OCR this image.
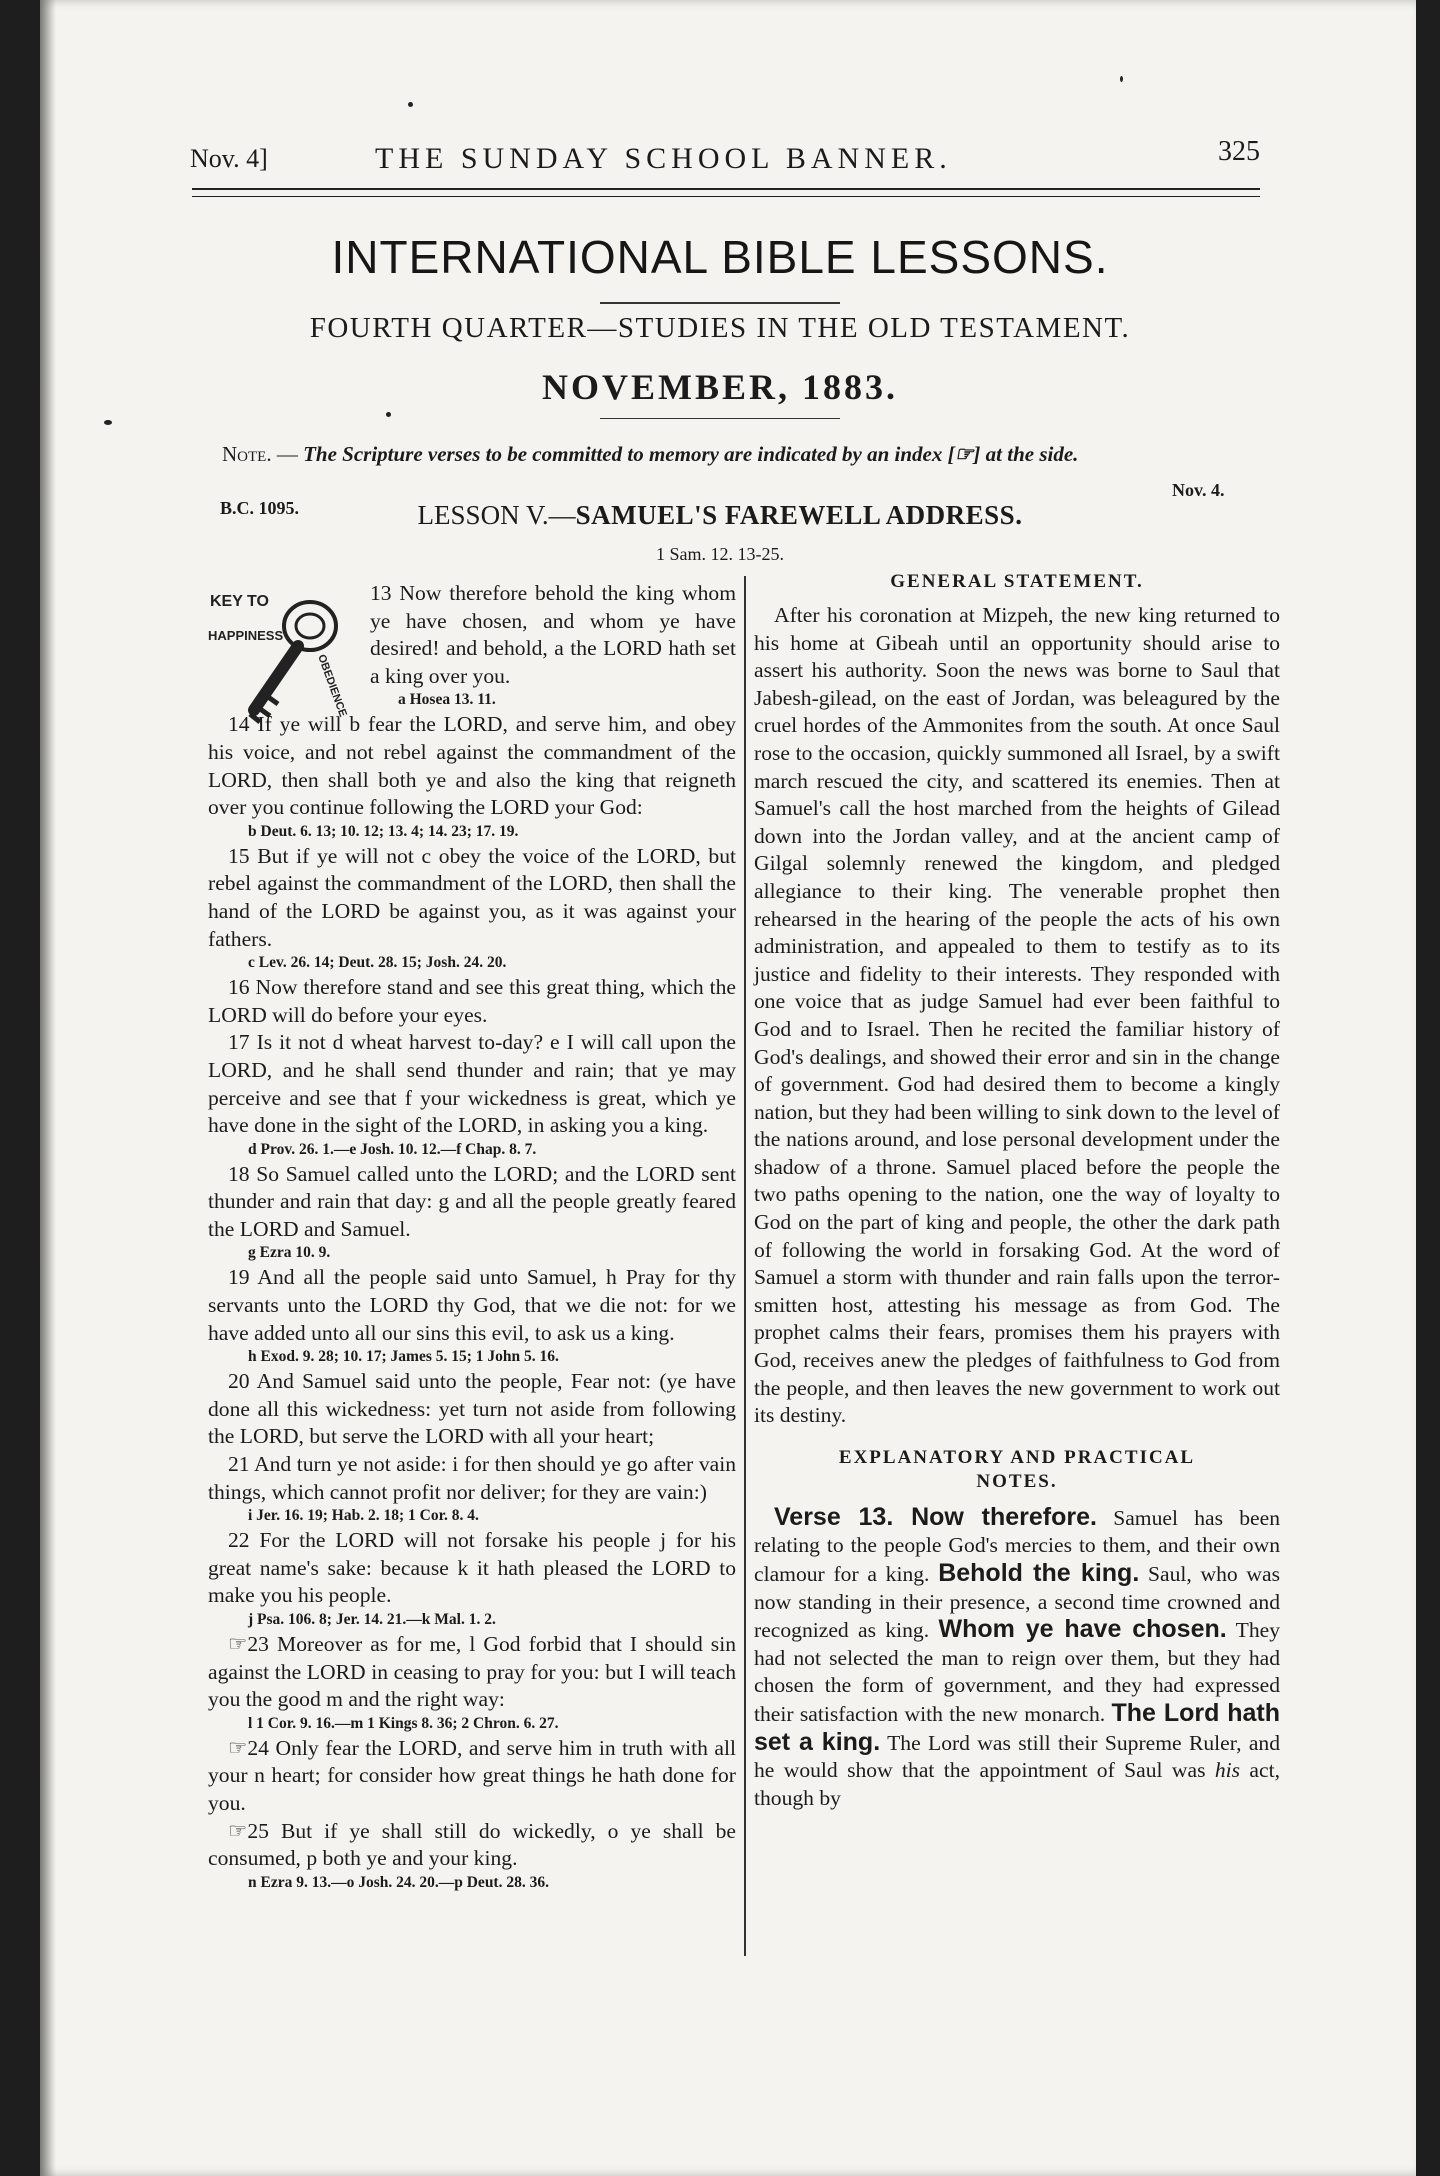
Nov. 4]	THE SUNDAY SCHOOL BANNER.	325
INTERNATIONAL BIBLE LESSONS.
FOURTH QUARTER—STUDIES IN THE OLD TESTAMENT.
NOVEMBER, 1883.
Note. — The Scripture verses to be committed to memory are indicated by an index [☞] at the side.
B.C. 1095.
Nov. 4.
LESSON V.—SAMUEL'S FAREWELL ADDRESS.
1 Sam. 12. 13-25.
KEY TO
HAPPINESS
OBEDIENCE
13 Now therefore behold the king whom ye have chosen, and whom ye have desired! and behold, a the LORD hath set a king over you.
a Hosea 13. 11.
14 If ye will b fear the LORD, and serve him, and obey his voice, and not rebel against the commandment of the LORD, then shall both ye and also the king that reigneth over you continue following the LORD your God:
b Deut. 6. 13; 10. 12; 13. 4; 14. 23; 17. 19.
15 But if ye will not c obey the voice of the LORD, but rebel against the commandment of the LORD, then shall the hand of the LORD be against you, as it was against your fathers.
c Lev. 26. 14; Deut. 28. 15; Josh. 24. 20.
16 Now therefore stand and see this great thing, which the LORD will do before your eyes.
17 Is it not d wheat harvest to-day? e I will call upon the LORD, and he shall send thunder and rain; that ye may perceive and see that f your wickedness is great, which ye have done in the sight of the LORD, in asking you a king.
d Prov. 26. 1.—e Josh. 10. 12.—f Chap. 8. 7.
18 So Samuel called unto the LORD; and the LORD sent thunder and rain that day: g and all the people greatly feared the LORD and Samuel.
g Ezra 10. 9.
19 And all the people said unto Samuel, h Pray for thy servants unto the LORD thy God, that we die not: for we have added unto all our sins this evil, to ask us a king.
h Exod. 9. 28; 10. 17; James 5. 15; 1 John 5. 16.
20 And Samuel said unto the people, Fear not: (ye have done all this wickedness: yet turn not aside from following the LORD, but serve the LORD with all your heart;
21 And turn ye not aside: i for then should ye go after vain things, which cannot profit nor deliver; for they are vain:)
i Jer. 16. 19; Hab. 2. 18; 1 Cor. 8. 4.
22 For the LORD will not forsake his people j for his great name's sake: because k it hath pleased the LORD to make you his people.
j Psa. 106. 8; Jer. 14. 21.—k Mal. 1. 2.
☞23 Moreover as for me, l God forbid that I should sin against the LORD in ceasing to pray for you: but I will teach you the good m and the right way:
l 1 Cor. 9. 16.—m 1 Kings 8. 36; 2 Chron. 6. 27.
☞24 Only fear the LORD, and serve him in truth with all your n heart; for consider how great things he hath done for you.
☞25 But if ye shall still do wickedly, o ye shall be consumed, p both ye and your king.
n Ezra 9. 13.—o Josh. 24. 20.—p Deut. 28. 36.
GENERAL STATEMENT.

After his coronation at Mizpeh, the new king returned to his home at Gibeah until an opportunity should arise to assert his authority. Soon the news was borne to Saul that Jabesh-gilead, on the east of Jordan, was beleagured by the cruel hordes of the Ammonites from the south. At once Saul rose to the occasion, quickly summoned all Israel, by a swift march rescued the city, and scattered its enemies. Then at Samuel's call the host marched from the heights of Gilead down into the Jordan valley, and at the ancient camp of Gilgal solemnly renewed the kingdom, and pledged allegiance to their king. The venerable prophet then rehearsed in the hearing of the people the acts of his own administration, and appealed to them to testify as to its justice and fidelity to their interests. They responded with one voice that as judge Samuel had ever been faithful to God and to Israel. Then he recited the familiar history of God's dealings, and showed their error and sin in the change of government. God had desired them to become a kingly nation, but they had been willing to sink down to the level of the nations around, and lose personal development under the shadow of a throne. Samuel placed before the people the two paths opening to the nation, one the way of loyalty to God on the part of king and people, the other the dark path of following the world in forsaking God. At the word of Samuel a storm with thunder and rain falls upon the terror-smitten host, attesting his message as from God. The prophet calms their fears, promises them his prayers with God, receives anew the pledges of faithfulness to God from the people, and then leaves the new government to work out its destiny.

EXPLANATORY AND PRACTICAL
NOTES.

Verse 13. Now therefore. Samuel has been relating to the people God's mercies to them, and their own clamour for a king. Behold the king. Saul, who was now standing in their presence, a second time crowned and recognized as king. Whom ye have chosen. They had not selected the man to reign over them, but they had chosen the form of government, and they had expressed their satisfaction with the new monarch. The Lord hath set a king. The Lord was still their Supreme Ruler, and he would show that the appointment of Saul was his act, though by
